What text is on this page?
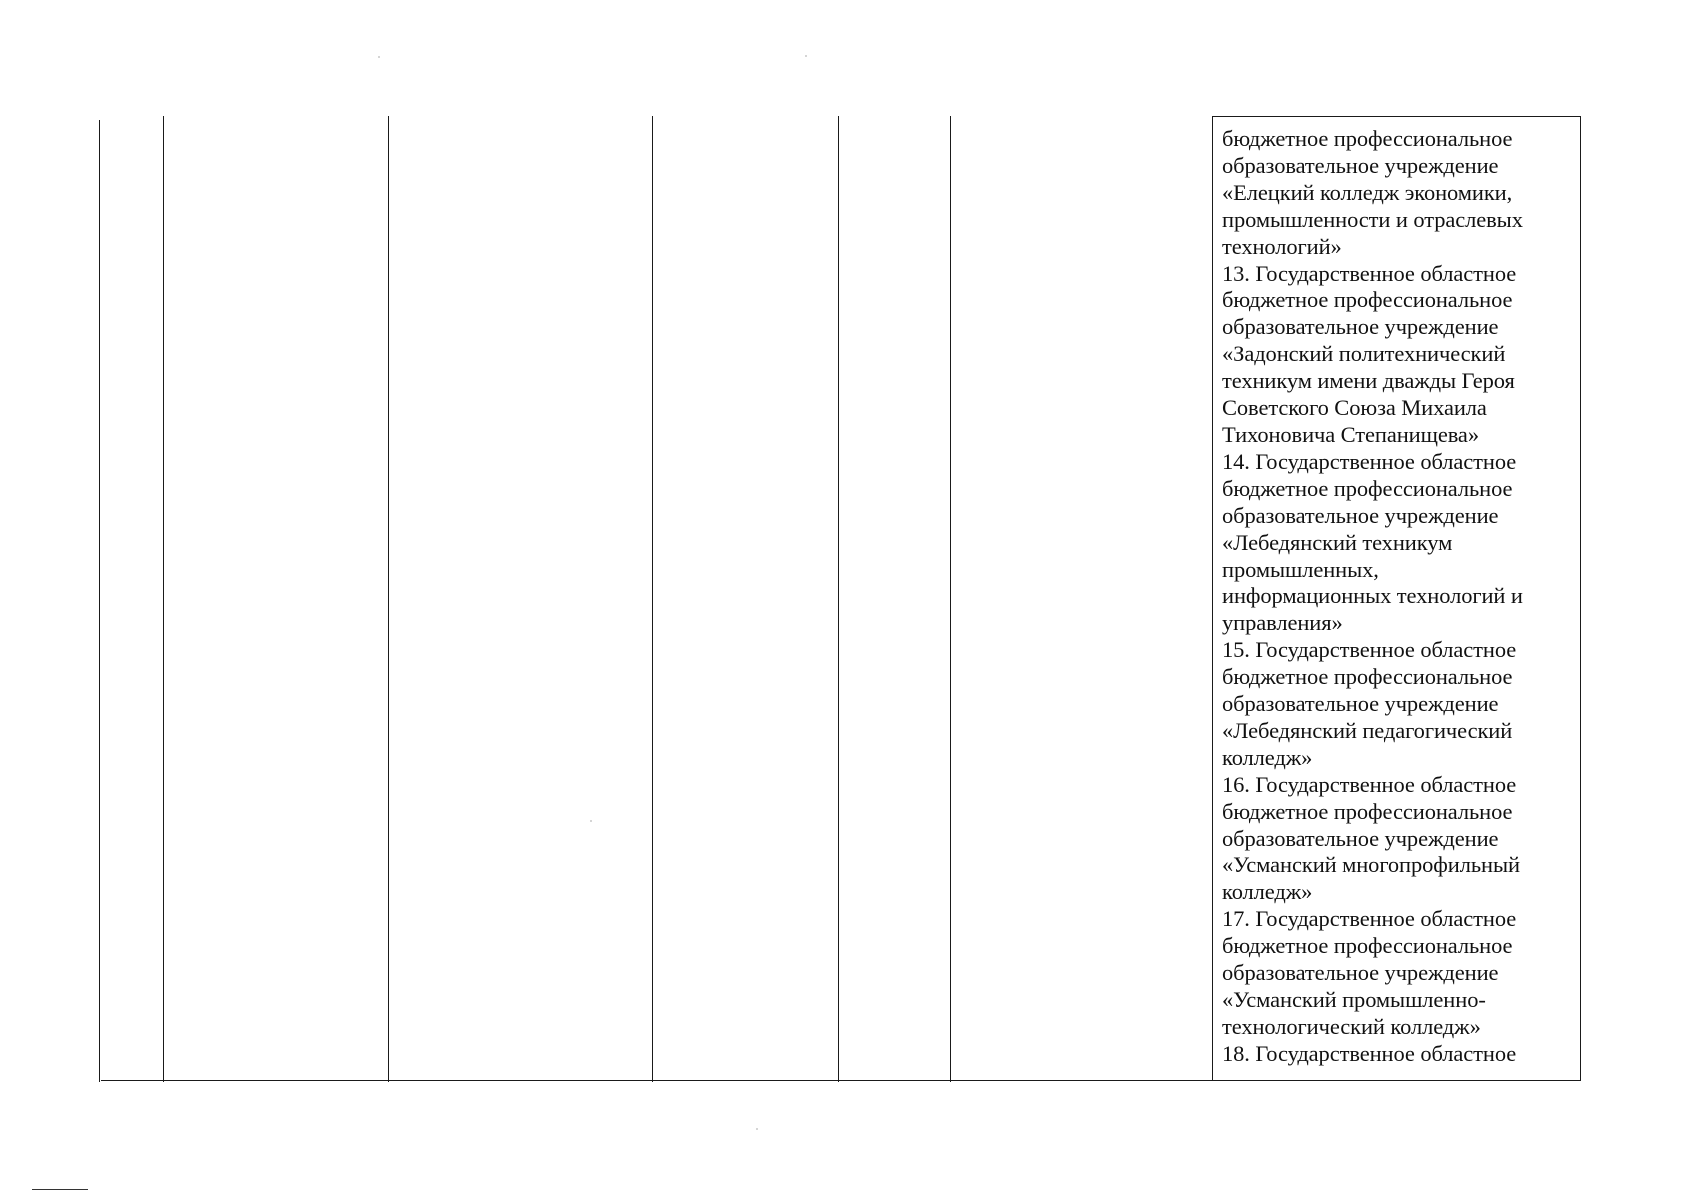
бюджетное профессиональное
образовательное учреждение
«Елецкий колледж экономики,
промышленности и отраслевых
технологий»
13. Государственное областное
бюджетное профессиональное
образовательное учреждение
«Задонский политехнический
техникум имени дважды Героя
Советского Союза Михаила
Тихоновича Степанищева»
14. Государственное областное
бюджетное профессиональное
образовательное учреждение
«Лебедянский техникум
промышленных,
информационных технологий и
управления»
15. Государственное областное
бюджетное профессиональное
образовательное учреждение
«Лебедянский педагогический
колледж»
16. Государственное областное
бюджетное профессиональное
образовательное учреждение
«Усманский многопрофильный
колледж»
17. Государственное областное
бюджетное профессиональное
образовательное учреждение
«Усманский промышленно-
технологический колледж»
18. Государственное областное
